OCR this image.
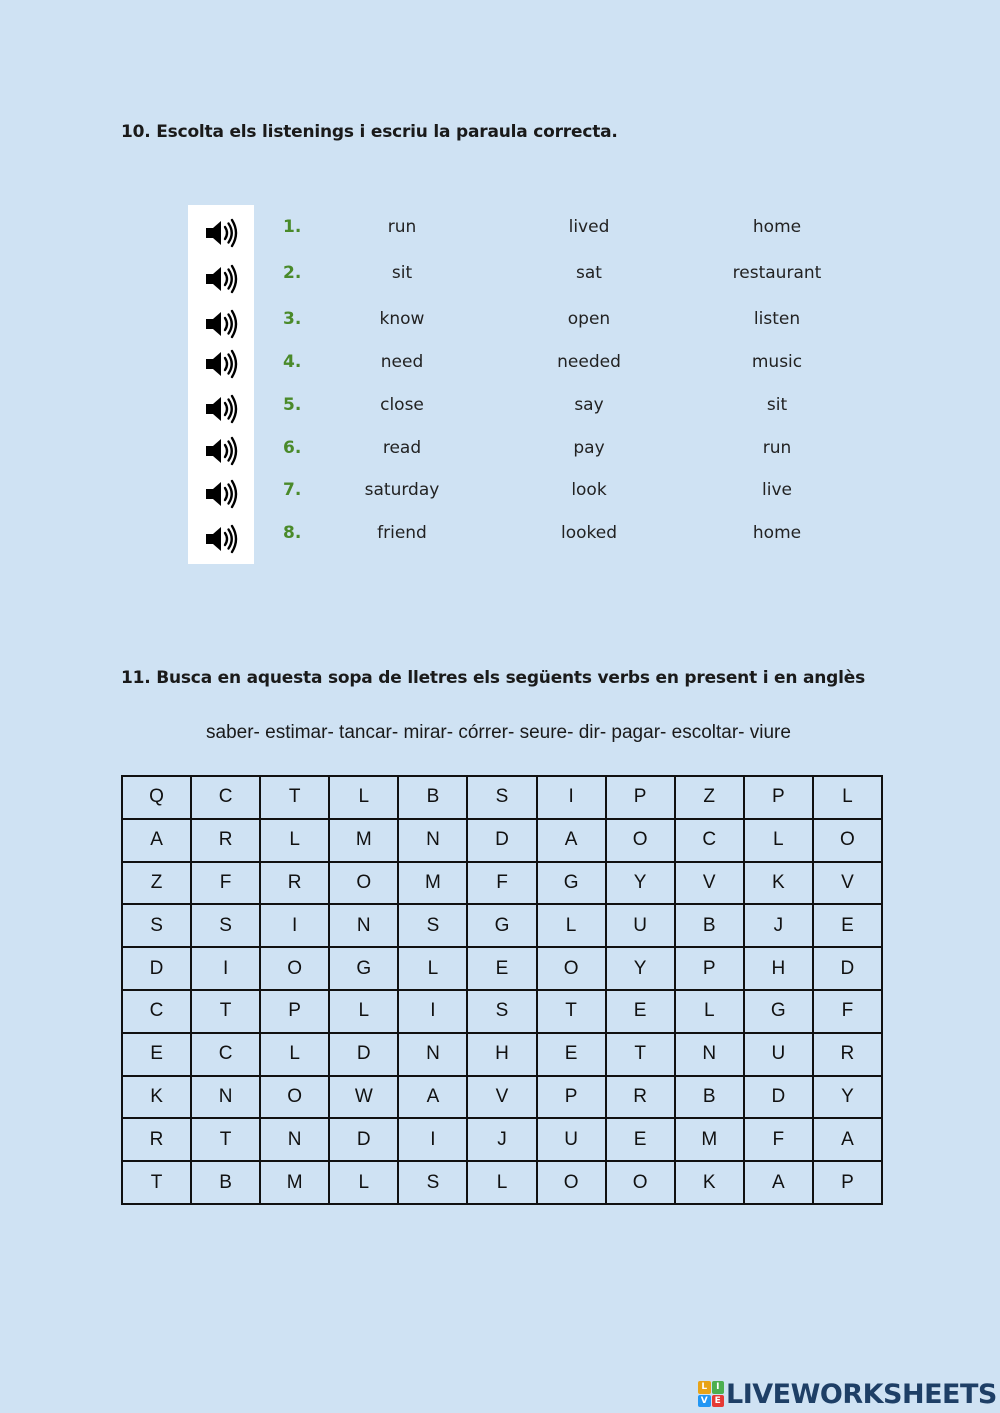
10. Escolta els listenings i escriu la paraula correcta.
1.	run	lived	home
2.	sit	sat	restaurant
3.	know	open	listen
4.	need	needed	music
5.	close	say	sit
6.	read	pay	run
7.	saturday	look	live
8.	friend	looked	home
11. Busca en aquesta sopa de lletres els següents verbs en present i en anglès
saber- estimar- tancar- mirar- córrer- seure- dir- pagar- escoltar- viure
Q	C	T	L	B	S	I	P	Z	P	L
A	R	L	M	N	D	A	O	C	L	O
Z	F	R	O	M	F	G	Y	V	K	V
S	S	I	N	S	G	L	U	B	J	E
D	I	O	G	L	E	O	Y	P	H	D
C	T	P	L	I	S	T	E	L	G	F
E	C	L	D	N	H	E	T	N	U	R
K	N	O	W	A	V	P	R	B	D	Y
R	T	N	D	I	J	U	E	M	F	A
T	B	M	L	S	L	O	O	K	A	P
L I
V E LIVEWORKSHEETS
